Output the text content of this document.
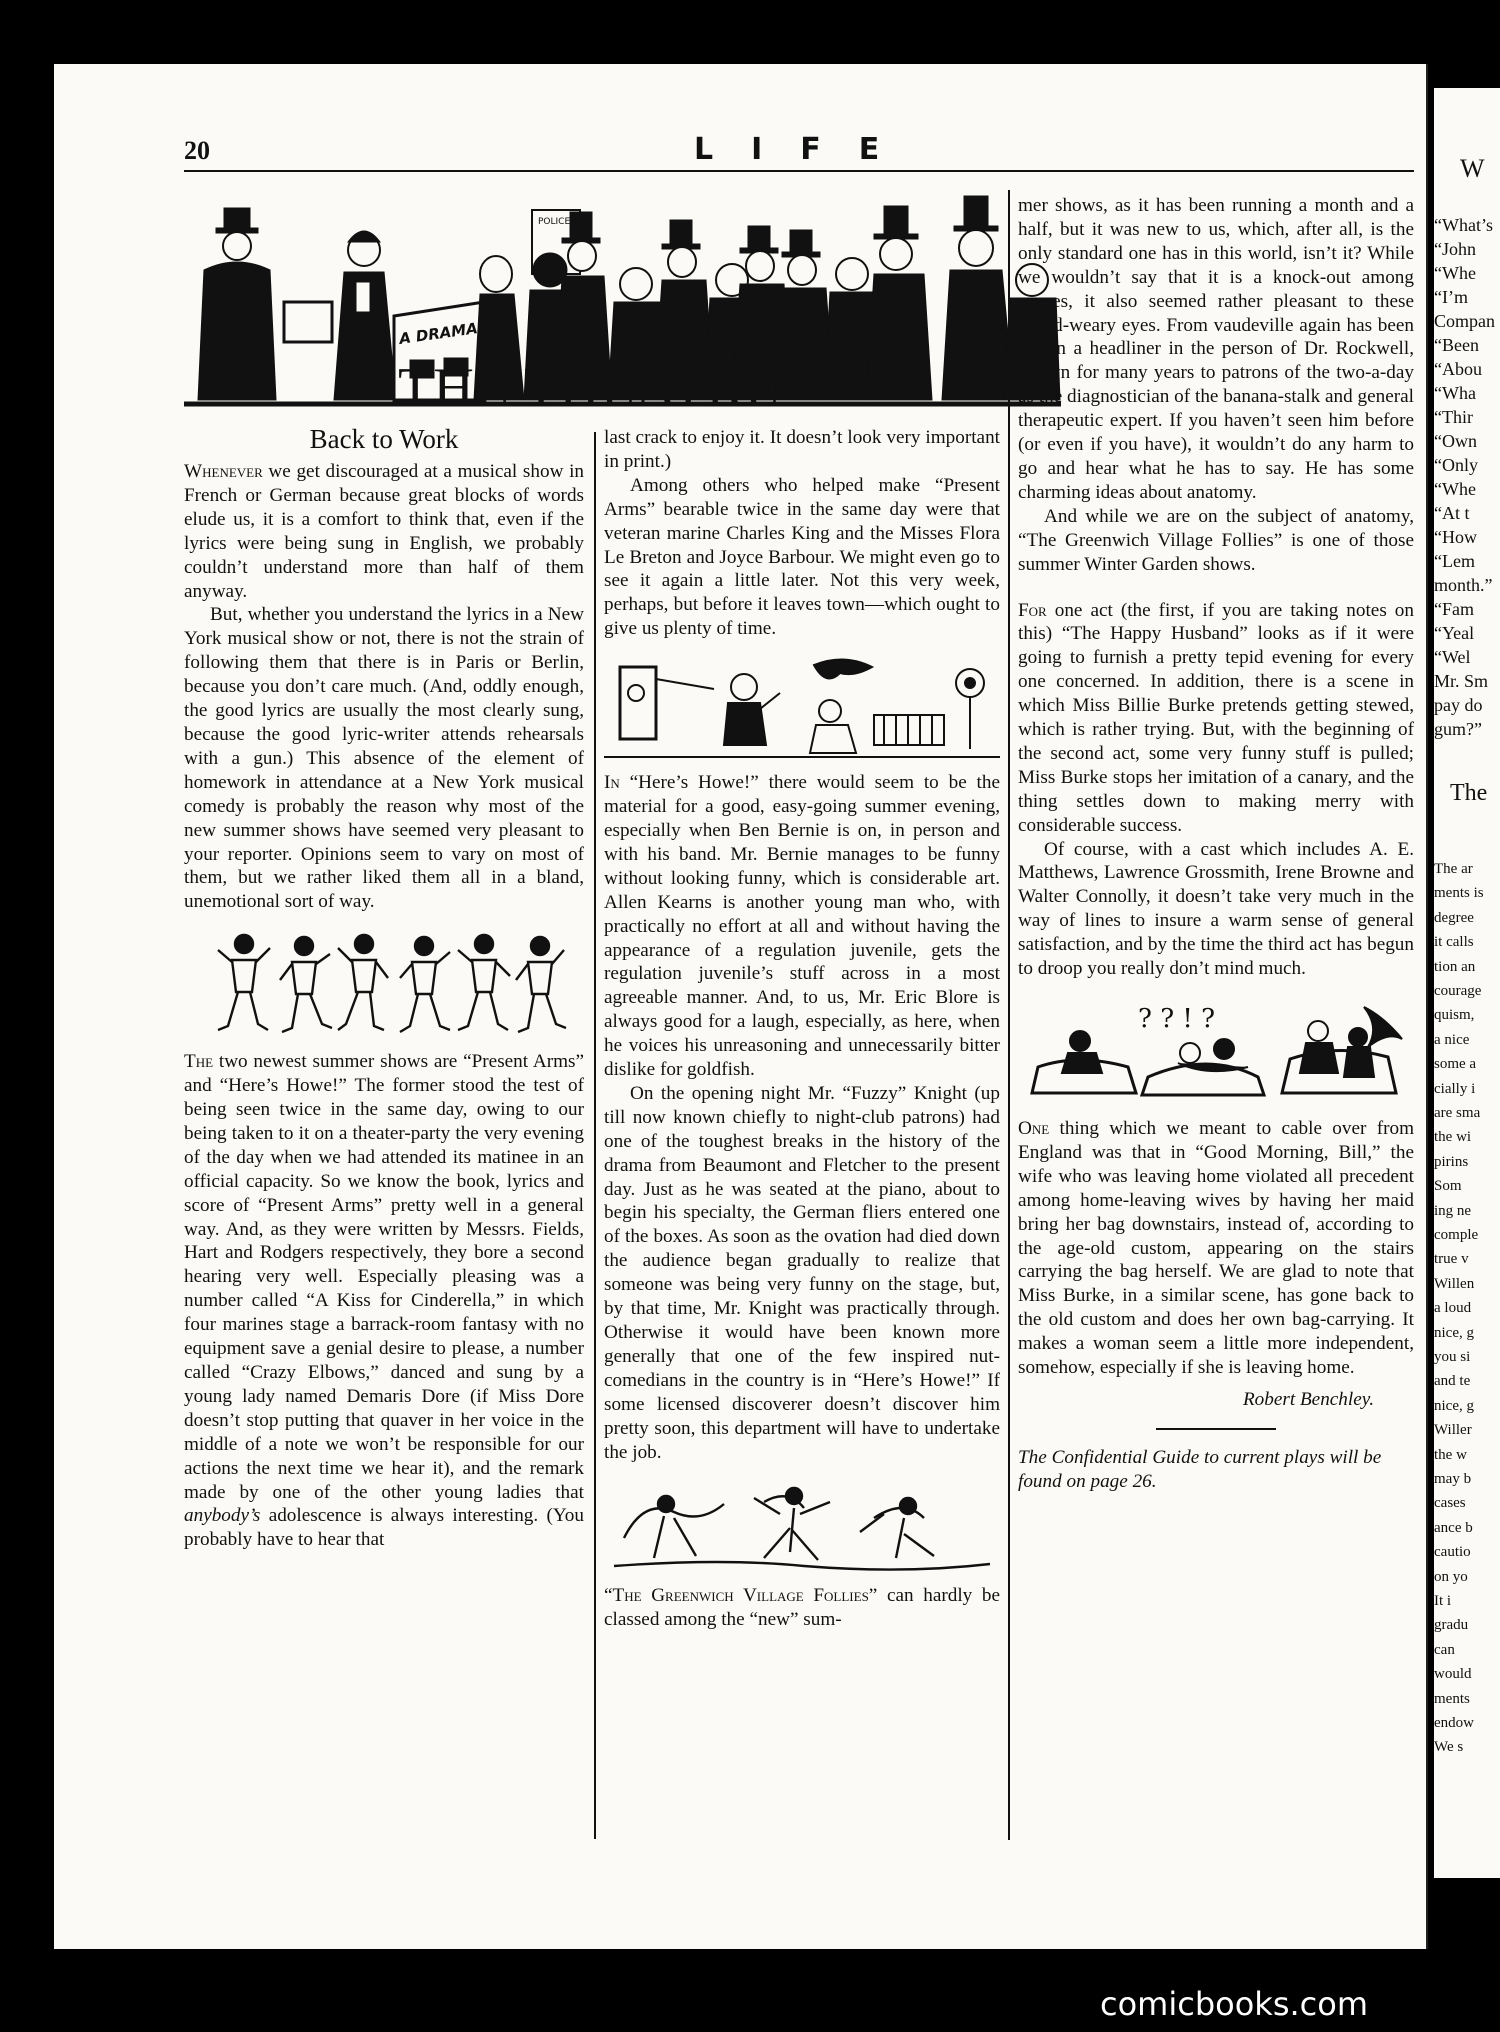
20	LIFE
A DRAMA
POLICE
THE THEATRE
Back to Work

Whenever we get discouraged at a musical show in French or German because great blocks of words elude us, it is a comfort to think that, even if the lyrics were being sung in English, we probably couldn’t understand more than half of them anyway.

But, whether you understand the lyrics in a New York musical show or not, there is not the strain of following them that there is in Paris or Berlin, because you don’t care much. (And, oddly enough, the good lyrics are usually the most clearly sung, because the good lyric-writer attends rehearsals with a gun.) This absence of the element of homework in attendance at a New York musical comedy is probably the reason why most of the new summer shows have seemed very pleasant to your reporter. Opinions seem to vary on most of them, but we rather liked them all in a bland, unemotional sort of way.

The two newest summer shows are “Present Arms” and “Here’s Howe!” The former stood the test of being seen twice in the same day, owing to our being taken to it on a theater-party the very evening of the day when we had attended its matinee in an official capacity. So we know the book, lyrics and score of “Present Arms” pretty well in a general way. And, as they were written by Messrs. Fields, Hart and Rodgers respectively, they bore a second hearing very well. Especially pleasing was a number called “A Kiss for Cinderella,” in which four marines stage a barrack-room fantasy with no equipment save a genial desire to please, a number called “Crazy Elbows,” danced and sung by a young lady named Demaris Dore (if Miss Dore doesn’t stop putting that quaver in her voice in the middle of a note we won’t be responsible for our actions the next time we hear it), and the remark made by one of the other young ladies that anybody’s adolescence is always interesting. (You probably have to hear that

last crack to enjoy it. It doesn’t look very important in print.)

Among others who helped make “Present Arms” bearable twice in the same day were that veteran marine Charles King and the Misses Flora Le Breton and Joyce Barbour. We might even go to see it again a little later. Not this very week, perhaps, but before it leaves town—which ought to give us plenty of time.

In “Here’s Howe!” there would seem to be the material for a good, easy-going summer evening, especially when Ben Bernie is on, in person and with his band. Mr. Bernie manages to be funny without looking funny, which is considerable art. Allen Kearns is another young man who, with practically no effort at all and without having the appearance of a regulation juvenile, gets the regulation juvenile’s stuff across in a most agreeable manner. And, to us, Mr. Eric Blore is always good for a laugh, especially, as here, when he voices his unreasoning and unnecessarily bitter dislike for goldfish.

On the opening night Mr. “Fuzzy” Knight (up till now known chiefly to night-club patrons) had one of the toughest breaks in the history of the drama from Beaumont and Fletcher to the present day. Just as he was seated at the piano, about to begin his specialty, the German fliers entered one of the boxes. As soon as the ovation had died down the audience began gradually to realize that someone was being very funny on the stage, but, by that time, Mr. Knight was practically through. Otherwise it would have been known more generally that one of the few inspired nut-comedians in the country is in “Here’s Howe!” If some licensed discoverer doesn’t discover him pretty soon, this department will have to undertake the job.

“The Greenwich Village Follies” can hardly be classed among the “new” sum-

mer shows, as it has been running a month and a half, but it was new to us, which, after all, is the only standard one has in this world, isn’t it? While we wouldn’t say that it is a knock-out among revues, it also seemed rather pleasant to these world-weary eyes. From vaudeville again has been drawn a headliner in the person of Dr. Rockwell, known for many years to patrons of the two-a-day as the diagnostician of the banana-stalk and general therapeutic expert. If you haven’t seen him before (or even if you have), it wouldn’t do any harm to go and hear what he has to say. He has some charming ideas about anatomy.

And while we are on the subject of anatomy, “The Greenwich Village Follies” is one of those summer Winter Garden shows.

For one act (the first, if you are taking notes on this) “The Happy Husband” looks as if it were going to furnish a pretty tepid evening for every one concerned. In addition, there is a scene in which Miss Billie Burke pretends getting stewed, which is rather trying. But, with the beginning of the second act, some very funny stuff is pulled; Miss Burke stops her imitation of a canary, and the thing settles down to making merry with considerable success.

Of course, with a cast which includes A. E. Matthews, Lawrence Grossmith, Irene Browne and Walter Connolly, it doesn’t take very much in the way of lines to insure a warm sense of general satisfaction, and by the time the third act has begun to droop you really don’t mind much.

? ? ! ?

One thing which we meant to cable over from England was that in “Good Morning, Bill,” the wife who was leaving home violated all precedent among home-leaving wives by having her maid bring her bag downstairs, instead of, according to the age-old custom, appearing on the stairs carrying the bag herself. We are glad to note that Miss Burke, in a similar scene, has gone back to the old custom and does her own bag-carrying. It makes a woman seem a little more independent, somehow, especially if she is leaving home.

Robert Benchley.

The Confidential Guide to current plays will be found on page 26.

W
“What’s
“John
“Whe
“I’m
Compan
“Been
“Abou
“Wha
“Thir
“Own
“Only
“Whe
“At t
“How
“Lem
month.”
“Fam
“Yeal
“Wel
Mr. Sm
pay do
gum?”
The
The ar
ments is
degree
it calls
tion an
courage
quism,
a nice
some a
cially i
are sma
the wi
pirins
Som
ing ne
comple
true v
Willen
a loud
nice, g
you si
and te
nice, g
Willer
the w
may b
cases
ance b
cautio
on yo
It i
gradu
can
would
ments
endow
We s
comicbooks.com
